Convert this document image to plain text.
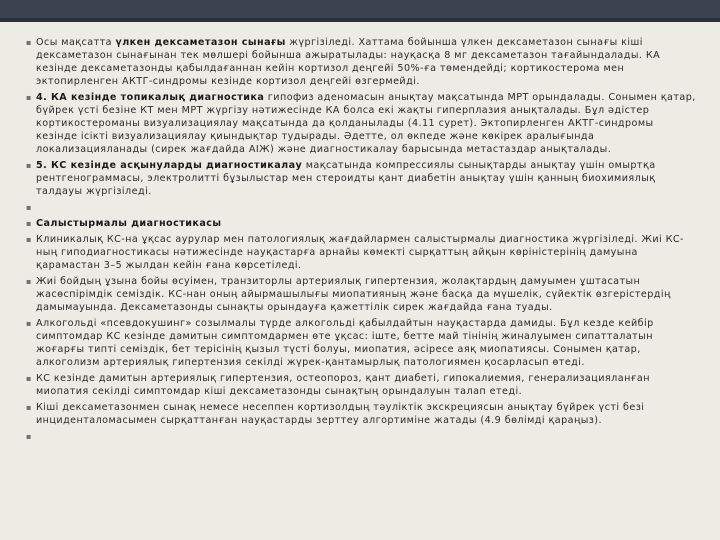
▪ Осы мақсатта үлкен дексаметазон сынағы жүргізіледі. Хаттама бойынша үлкен дексаметазон сынағы кіші дексаметазон сынағынан тек мөлшері бойынша ажыратылады: науқасқа 8 мг дексаметазон тағайындалады. КА кезінде дексаметазонды қабылдағаннан кейін кортизол деңгейі 50%-ға төмендейді; кортикостерома мен эктопирленген АКТГ-синдромы кезінде кортизол деңгейі өзгермейді.
▪ 4. КА кезінде топикалық диагностика гипофиз аденомасын анықтау мақсатында МРТ орындалады. Сонымен қатар, бүйрек үсті безіне КТ мен МРТ жүргізу нәтижесінде КА болса екі жақты гиперплазия анықталады. Бұл әдістер кортикостероманы визуализациялау мақсатында да қолданылады (4.11 сурет). Эктопирленген АКТГ-синдромы кезінде ісікті визуализациялау қиындықтар тудырады. Әдетте, ол өкпеде және көкірек аралығында локализацияланады (сирек жағдайда АІЖ) және диагностикалау барысында метастаздар анықталады.
▪ 5. КС кезінде асқынуларды диагностикалау мақсатында компрессиялы сынықтарды анықтау үшін омыртқа рентгенограммасы, электролитті бұзылыстар мен стероидты қант диабетін анықтау үшін қанның биохимиялық талдауы жүргізіледі.
▪
▪ Салыстырмалы диагностикасы
▪ Клиникалық КС-на ұқсас аурулар мен патологиялық жағдайлармен салыстырмалы диагностика жүргізіледі. Жиі КС-ның гиподиагностикасы нәтижесінде науқастарға арнайы көмекті сырқаттың айқын көріністерінің дамуына қарамастан 3–5 жылдан кейін ғана көрсетіледі.
▪ Жиі бойдың ұзына бойы өсуімен, транзиторлы артериялық гипертензия, жолақтардың дамуымен ұштасатын жасөспірімдік семіздік. КС-нан оның айырмашылығы миопатияның және басқа да мүшелік, сүйектік өзгерістердің дамымауында. Дексаметазонды сынақты орындауға қажеттілік сирек жағдайда ғана туады.
▪ Алкогольді «псевдокушинг» созылмалы түрде алкогольді қабылдайтын науқастарда дамиды. Бұл кезде кейбір симптомдар КС кезінде дамитын симптомдармен өте ұқсас: іште, бетте май тінінің жиналуымен сипатталатын жоғарғы типті семіздік, бет терісінің қызыл түсті болуы, миопатия, әсіресе аяқ миопатиясы. Сонымен қатар, алкоголизм артериялық гипертензия секілді жүрек-қантамырлық патологиямен қосарласып өтеді.
▪ КС кезінде дамитын артериялық гипертензия, остеопороз, қант диабеті, гипокалиемия, генерализацияланған миопатия секілді симптомдар кіші дексаметазонды сынақтың орындалуын талап етеді.
▪ Кіші дексаметазонмен сынақ немесе несеппен кортизолдың тәуліктік экскрециясын анықтау бүйрек үсті безі инциденталомасымен сырқаттанған науқастарды зерттеу алгортиміне жатады (4.9 бөлімді қараңыз).
▪
